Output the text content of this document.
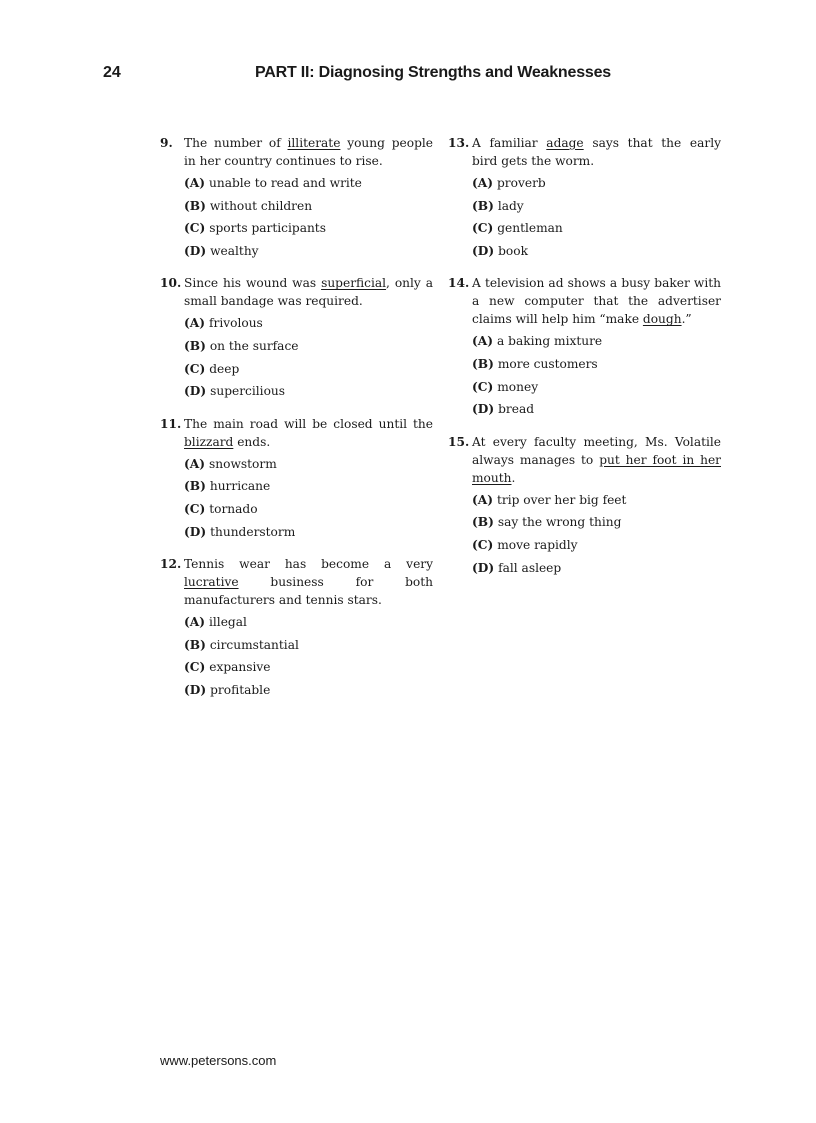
24	PART II: Diagnosing Strengths and Weaknesses
9. The number of illiterate young people in her country continues to rise.
(A) unable to read and write
(B) without children
(C) sports participants
(D) wealthy
10. Since his wound was superficial, only a small bandage was required.
(A) frivolous
(B) on the surface
(C) deep
(D) supercilious
11. The main road will be closed until the blizzard ends.
(A) snowstorm
(B) hurricane
(C) tornado
(D) thunderstorm
12. Tennis wear has become a very lucrative business for both manufacturers and tennis stars.
(A) illegal
(B) circumstantial
(C) expansive
(D) profitable
13. A familiar adage says that the early bird gets the worm.
(A) proverb
(B) lady
(C) gentleman
(D) book
14. A television ad shows a busy baker with a new computer that the advertiser claims will help him “make dough.”
(A) a baking mixture
(B) more customers
(C) money
(D) bread
15. At every faculty meeting, Ms. Volatile always manages to put her foot in her mouth.
(A) trip over her big feet
(B) say the wrong thing
(C) move rapidly
(D) fall asleep
www.petersons.com
